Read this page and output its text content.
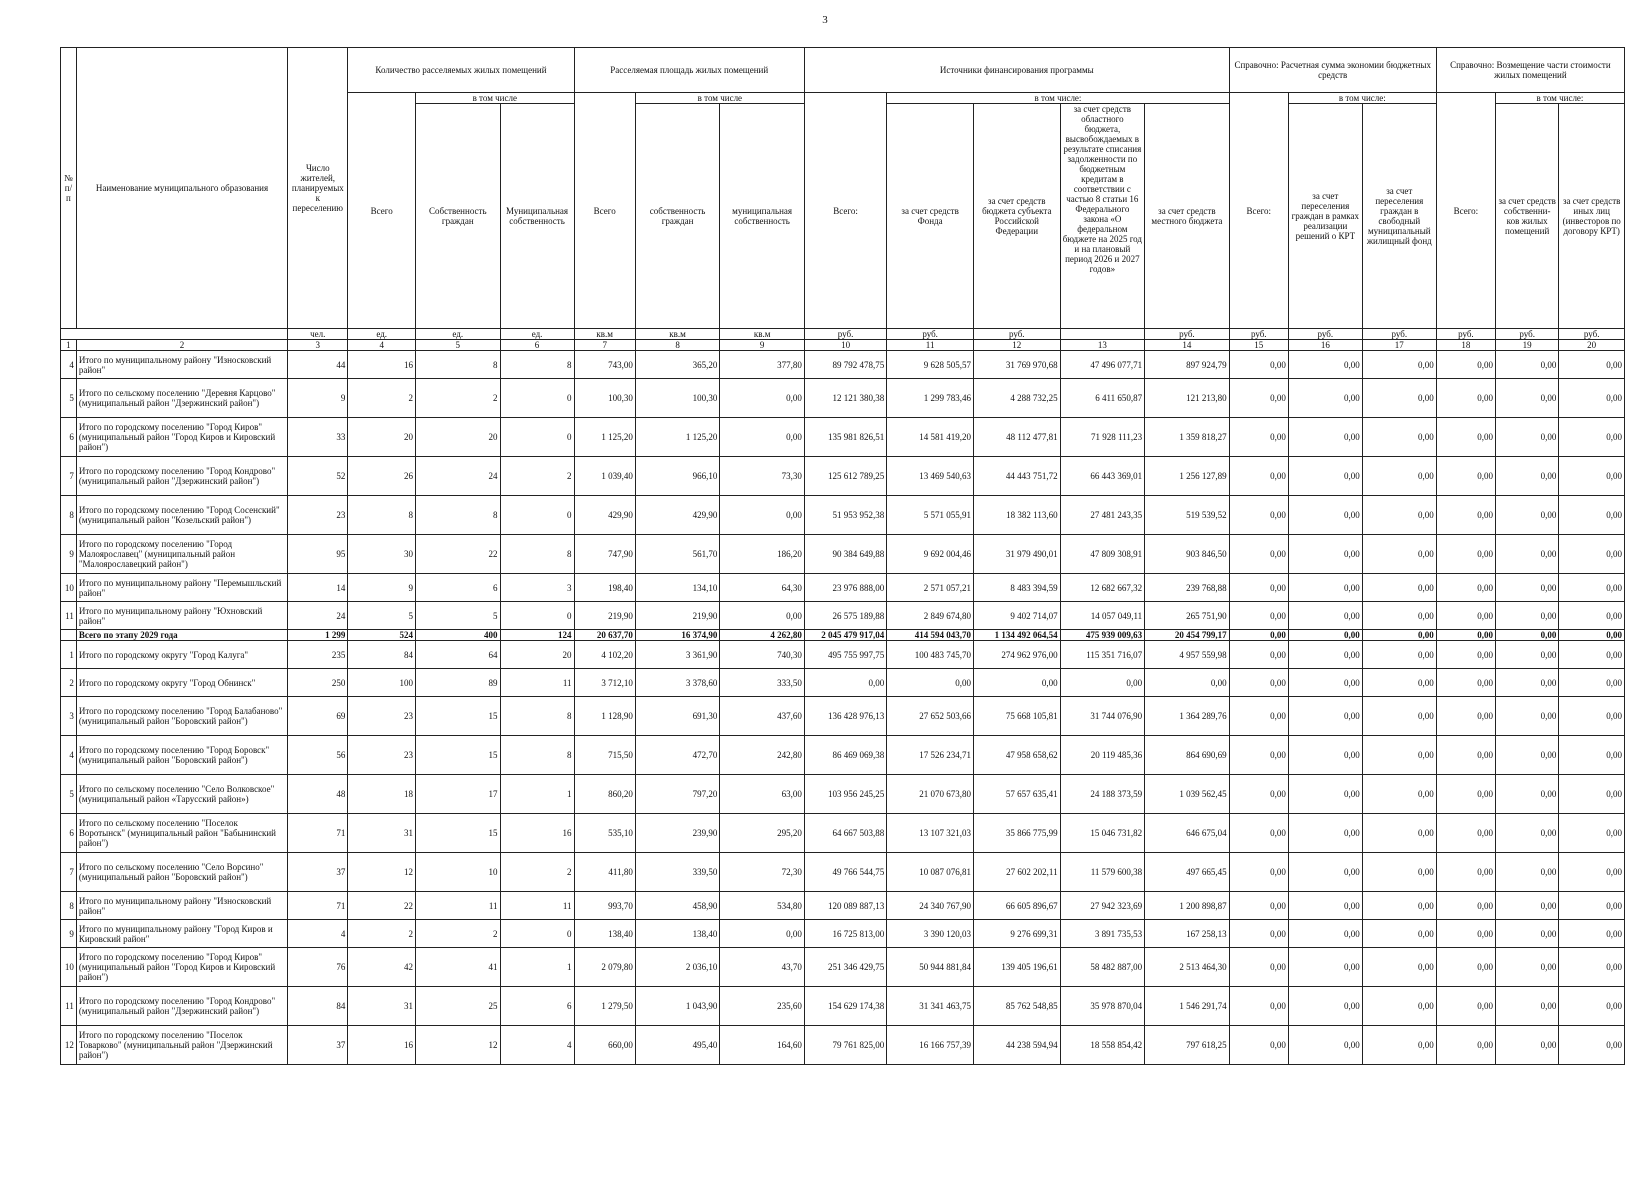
3
№ п/ п	Наименование муниципального образования	Число жителей, планируемых к переселению	Количество расселяемых жилых помещений			Расселяемая площадь жилых помещений			Источники финансирования программы					Справочно: Расчетная сумма экономии бюджетных средств			Справочно: Возмещение части стоимости жилых помещений		
			Всего	в том числе		Всего	в том числе		Всего:	в том числе:				Всего:	в том числе:		Всего:	в том числе:	
				Собственность граждан	Муниципальная собственность		собственность граждан	муниципальная собственность		за счет средств Фонда	за счет средств бюджета субъекта Российской Федерации	за счет средств областного бюджета, высвобождаемых в результате списания задолженности по бюджетным кредитам в соответствии с частью 8 статьи 16 Федерального закона «О федеральном бюджете на 2025 год и на плановый период 2026 и 2027 годов»	за счет средств местного бюджета		за счет переселения граждан в рамках реализации решений о КРТ	за счет переселения граждан в свободный муниципальный жилищный фонд		за счет средств собственни-ков жилых помещений	за счет средств иных лиц (инвесторов по договору КРТ)
		чел.	ед.	ед.	ед.	кв.м	кв.м	кв.м	руб.	руб.	руб.		руб.	руб.	руб.	руб.	руб.	руб.	руб.
1	2	3	4	5	6	7	8	9	10	11	12	13	14	15	16	17	18	19	20
4	Итого по муниципальному району "Износковский район"	44	16	8	8	743,00	365,20	377,80	89 792 478,75	9 628 505,57	31 769 970,68	47 496 077,71	897 924,79	0,00	0,00	0,00	0,00	0,00	0,00
5	Итого по сельскому поселению "Деревня Карцово" (муниципальный район "Дзержинский район")	9	2	2	0	100,30	100,30	0,00	12 121 380,38	1 299 783,46	4 288 732,25	6 411 650,87	121 213,80	0,00	0,00	0,00	0,00	0,00	0,00
6	Итого по городскому поселению "Город Киров" (муниципальный район "Город Киров и Кировский район")	33	20	20	0	1 125,20	1 125,20	0,00	135 981 826,51	14 581 419,20	48 112 477,81	71 928 111,23	1 359 818,27	0,00	0,00	0,00	0,00	0,00	0,00
7	Итого по городскому поселению "Город Кондрово" (муниципальный район "Дзержинский район")	52	26	24	2	1 039,40	966,10	73,30	125 612 789,25	13 469 540,63	44 443 751,72	66 443 369,01	1 256 127,89	0,00	0,00	0,00	0,00	0,00	0,00
8	Итого по городскому поселению "Город Сосенский" (муниципальный район "Козельский район")	23	8	8	0	429,90	429,90	0,00	51 953 952,38	5 571 055,91	18 382 113,60	27 481 243,35	519 539,52	0,00	0,00	0,00	0,00	0,00	0,00
9	Итого по городскому поселению "Город Малоярославец" (муниципальный район "Малоярославецкий район")	95	30	22	8	747,90	561,70	186,20	90 384 649,88	9 692 004,46	31 979 490,01	47 809 308,91	903 846,50	0,00	0,00	0,00	0,00	0,00	0,00
10	Итого по муниципальному району "Перемышльский район"	14	9	6	3	198,40	134,10	64,30	23 976 888,00	2 571 057,21	8 483 394,59	12 682 667,32	239 768,88	0,00	0,00	0,00	0,00	0,00	0,00
11	Итого по муниципальному району "Юхновский район"	24	5	5	0	219,90	219,90	0,00	26 575 189,88	2 849 674,80	9 402 714,07	14 057 049,11	265 751,90	0,00	0,00	0,00	0,00	0,00	0,00
	Всего по этапу 2029 года	1 299	524	400	124	20 637,70	16 374,90	4 262,80	2 045 479 917,04	414 594 043,70	1 134 492 064,54	475 939 009,63	20 454 799,17	0,00	0,00	0,00	0,00	0,00	0,00
1	Итого по городскому округу "Город Калуга"	235	84	64	20	4 102,20	3 361,90	740,30	495 755 997,75	100 483 745,70	274 962 976,00	115 351 716,07	4 957 559,98	0,00	0,00	0,00	0,00	0,00	0,00
2	Итого по городскому округу "Город Обнинск"	250	100	89	11	3 712,10	3 378,60	333,50	0,00	0,00	0,00	0,00	0,00	0,00	0,00	0,00	0,00	0,00	0,00
3	Итого по городскому поселению "Город Балабаново" (муниципальный район "Боровский район")	69	23	15	8	1 128,90	691,30	437,60	136 428 976,13	27 652 503,66	75 668 105,81	31 744 076,90	1 364 289,76	0,00	0,00	0,00	0,00	0,00	0,00
4	Итого по городскому поселению "Город Боровск" (муниципальный район "Боровский район")	56	23	15	8	715,50	472,70	242,80	86 469 069,38	17 526 234,71	47 958 658,62	20 119 485,36	864 690,69	0,00	0,00	0,00	0,00	0,00	0,00
5	Итого по сельскому поселению "Село Волковское" (муниципальный район «Тарусский район»)	48	18	17	1	860,20	797,20	63,00	103 956 245,25	21 070 673,80	57 657 635,41	24 188 373,59	1 039 562,45	0,00	0,00	0,00	0,00	0,00	0,00
6	Итого по сельскому поселению "Поселок Воротынск" (муниципальный район "Бабынинский район")	71	31	15	16	535,10	239,90	295,20	64 667 503,88	13 107 321,03	35 866 775,99	15 046 731,82	646 675,04	0,00	0,00	0,00	0,00	0,00	0,00
7	Итого по сельскому поселению "Село Ворсино" (муниципальный район "Боровский район")	37	12	10	2	411,80	339,50	72,30	49 766 544,75	10 087 076,81	27 602 202,11	11 579 600,38	497 665,45	0,00	0,00	0,00	0,00	0,00	0,00
8	Итого по муниципальному району "Износковский район"	71	22	11	11	993,70	458,90	534,80	120 089 887,13	24 340 767,90	66 605 896,67	27 942 323,69	1 200 898,87	0,00	0,00	0,00	0,00	0,00	0,00
9	Итого по муниципальному району "Город Киров и Кировский район"	4	2	2	0	138,40	138,40	0,00	16 725 813,00	3 390 120,03	9 276 699,31	3 891 735,53	167 258,13	0,00	0,00	0,00	0,00	0,00	0,00
10	Итого по городскому поселению "Город Киров" (муниципальный район "Город Киров и Кировский район")	76	42	41	1	2 079,80	2 036,10	43,70	251 346 429,75	50 944 881,84	139 405 196,61	58 482 887,00	2 513 464,30	0,00	0,00	0,00	0,00	0,00	0,00
11	Итого по городскому поселению "Город Кондрово" (муниципальный район "Дзержинский район")	84	31	25	6	1 279,50	1 043,90	235,60	154 629 174,38	31 341 463,75	85 762 548,85	35 978 870,04	1 546 291,74	0,00	0,00	0,00	0,00	0,00	0,00
12	Итого по городскому поселению "Поселок Товарково" (муниципальный район "Дзержинский район")	37	16	12	4	660,00	495,40	164,60	79 761 825,00	16 166 757,39	44 238 594,94	18 558 854,42	797 618,25	0,00	0,00	0,00	0,00	0,00	0,00
